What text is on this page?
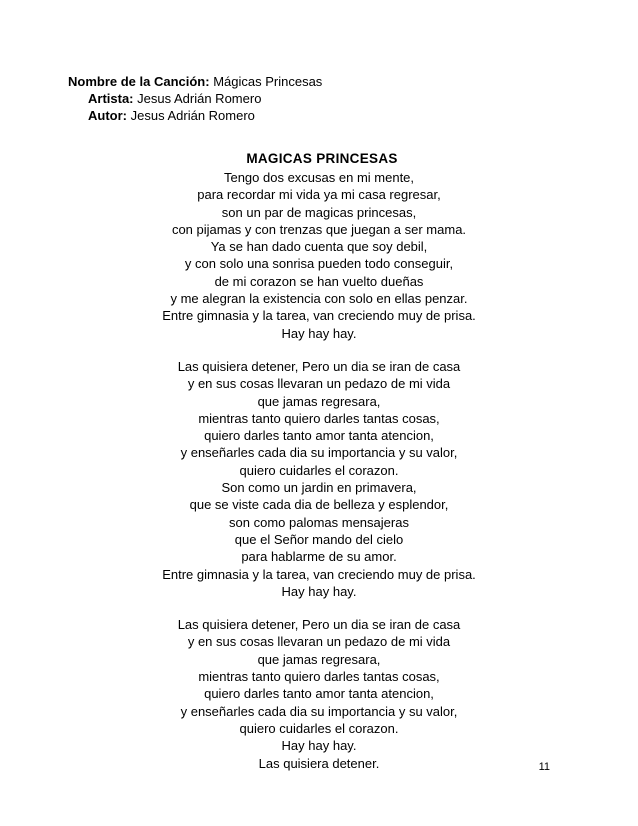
Nombre de la Canción: Mágicas Princesas
Artista: Jesus Adrián Romero
Autor: Jesus Adrián Romero
MAGICAS PRINCESAS
Tengo dos excusas en mi mente,
para recordar mi vida ya mi casa regresar,
son un par de magicas princesas,
con pijamas y con trenzas que juegan a ser mama.
Ya se han dado cuenta que soy debil,
y con solo una sonrisa pueden todo conseguir,
de mi corazon se han vuelto dueñas
y me alegran la existencia con solo en ellas penzar.
Entre gimnasia y la tarea, van creciendo muy de prisa.
Hay hay hay.
Las quisiera detener, Pero un dia se iran de casa
y en sus cosas llevaran un pedazo de mi vida
que jamas regresara,
mientras tanto quiero darles tantas cosas,
quiero darles tanto amor tanta atencion,
y enseñarles cada dia su importancia y su valor,
quiero cuidarles el corazon.
Son como un jardin en primavera,
que se viste cada dia de belleza y esplendor,
son como palomas mensajeras
que el Señor mando del cielo
para hablarme de su amor.
Entre gimnasia y la tarea, van creciendo muy de prisa.
Hay hay hay.
Las quisiera detener, Pero un dia se iran de casa
y en sus cosas llevaran un pedazo de mi vida
que jamas regresara,
mientras tanto quiero darles tantas cosas,
quiero darles tanto amor tanta atencion,
y enseñarles cada dia su importancia y su valor,
quiero cuidarles el corazon.
Hay hay hay.
Las quisiera detener.	11
